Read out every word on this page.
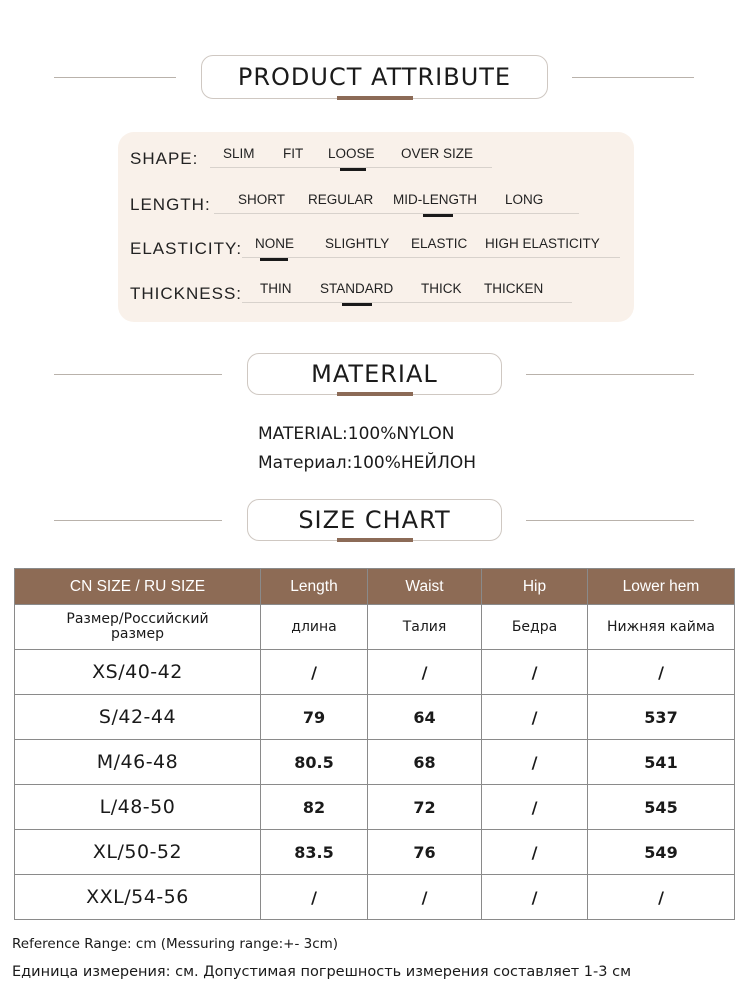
PRODUCT ATTRIBUTE
SHAPE: SLIM FIT LOOSE OVER SIZE
LENGTH: SHORT REGULAR MID-LENGTH LONG
ELASTICITY: NONE SLIGHTLY ELASTIC HIGH ELASTICITY
THICKNESS: THIN STANDARD THICK THICKEN
MATERIAL
MATERIAL:100%NYLON
Материал:100%НЕЙЛОН
SIZE CHART
CN SIZE / RU SIZE	Length	Waist	Hip	Lower hem
Размер/Российский размер	длина	Талия	Бедра	Нижняя кайма
XS/40-42	/	/	/	/
S/42-44	79	64	/	537
M/46-48	80.5	68	/	541
L/48-50	82	72	/	545
XL/50-52	83.5	76	/	549
XXL/54-56	/	/	/	/
Reference Range: cm (Messuring range:+- 3cm)
Единица измерения: см. Допустимая погрешность измерения составляет 1-3 см
